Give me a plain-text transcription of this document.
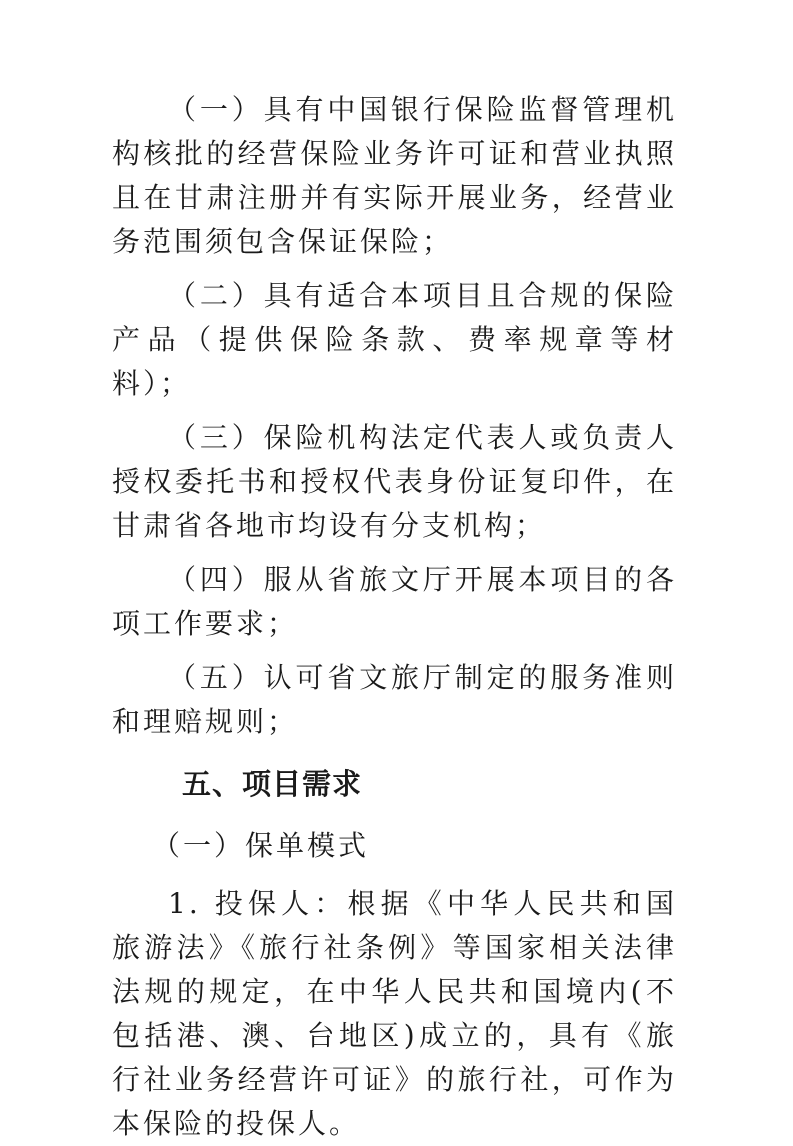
（一）具有中国银行保险监督管理机构核批的经营保险业务许可证和营业执照且在甘肃注册并有实际开展业务，经营业务范围须包含保证保险；

（二）具有适合本项目且合规的保险产品（提供保险条款、费率规章等材料）；

（三）保险机构法定代表人或负责人授权委托书和授权代表身份证复印件，在甘肃省各地市均设有分支机构；

（四）服从省旅文厅开展本项目的各项工作要求；

（五）认可省文旅厅制定的服务准则和理赔规则；

五、项目需求

（一）保单模式

1. 投保人：根据《中华人民共和国旅游法》《旅行社条例》等国家相关法律法规的规定，在中华人民共和国境内(不包括港、澳、台地区)成立的，具有《旅行社业务经营许可证》的旅行社，可作为本保险的投保人。
